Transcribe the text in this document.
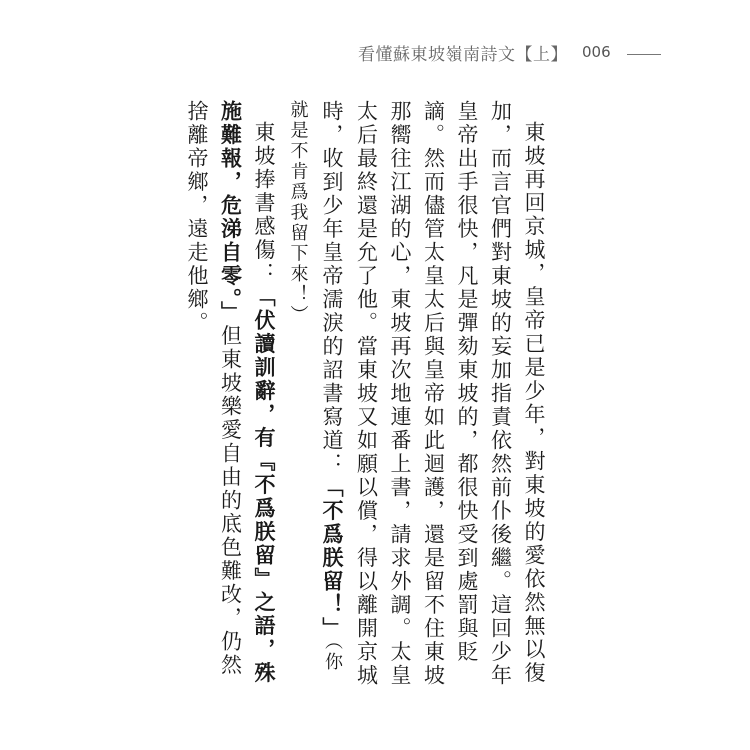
看懂蘇東坡嶺南詩文【上】 006

東坡再回京城，皇帝已是少年，對東坡的愛依然無以復加，而言官們對東坡的妄加指責依然前仆後繼。這回少年皇帝出手很快，凡是彈劾東坡的，都很快受到處罰與貶謫。然而儘管太皇太后與皇帝如此迴護，還是留不住東坡那嚮往江湖的心，東坡再次地連番上書，請求外調。太皇太后最終還是允了他。當東坡又如願以償，得以離開京城時，收到少年皇帝濡淚的詔書寫道：「不爲朕留！」（你就是不肯爲我留下來！）

東坡捧書感傷：「伏讀訓辭，有『不爲朕留』之語，殊施難報，危涕自零。」但東坡樂愛自由的底色難改，仍然捨離帝鄉，遠走他鄉。
